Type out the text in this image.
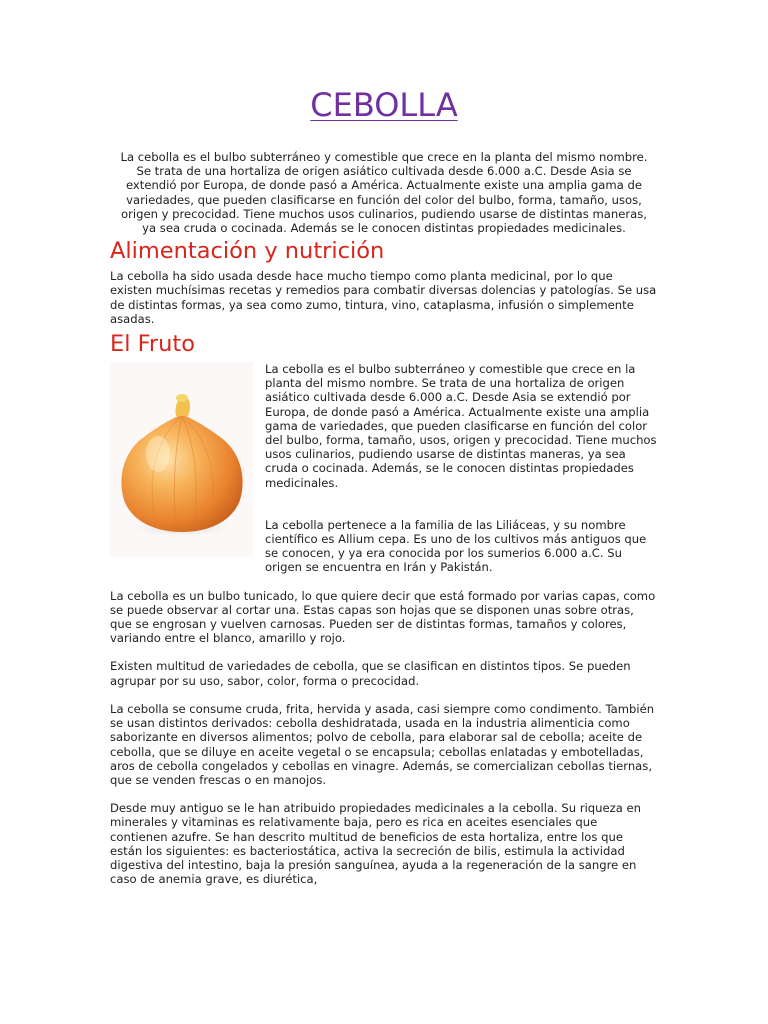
CEBOLLA

La cebolla es el bulbo subterráneo y comestible que crece en la planta del mismo nombre. Se trata de una hortaliza de origen asiático cultivada desde 6.000 a.C. Desde Asia se extendió por Europa, de donde pasó a América. Actualmente existe una amplia gama de variedades, que pueden clasificarse en función del color del bulbo, forma, tamaño, usos, origen y precocidad. Tiene muchos usos culinarios, pudiendo usarse de distintas maneras, ya sea cruda o cocinada. Además se le conocen distintas propiedades medicinales.

Alimentación y nutrición

La cebolla ha sido usada desde hace mucho tiempo como planta medicinal, por lo que existen muchísimas recetas y remedios para combatir diversas dolencias y patologías. Se usa de distintas formas, ya sea como zumo, tintura, vino, cataplasma, infusión o simplemente asadas.

El Fruto

La cebolla es el bulbo subterráneo y comestible que crece en la planta del mismo nombre. Se trata de una hortaliza de origen asiático cultivada desde 6.000 a.C. Desde Asia se extendió por Europa, de donde pasó a América. Actualmente existe una amplia gama de variedades, que pueden clasificarse en función del color del bulbo, forma, tamaño, usos, origen y precocidad. Tiene muchos usos culinarios, pudiendo usarse de distintas maneras, ya sea cruda o cocinada. Además, se le conocen distintas propiedades medicinales.

La cebolla pertenece a la familia de las Liliáceas, y su nombre científico es Allium cepa. Es uno de los cultivos más antiguos que se conocen, y ya era conocida por los sumerios 6.000 a.C. Su origen se encuentra en Irán y Pakistán.

La cebolla es un bulbo tunicado, lo que quiere decir que está formado por varias capas, como se puede observar al cortar una. Estas capas son hojas que se disponen unas sobre otras, que se engrosan y vuelven carnosas. Pueden ser de distintas formas, tamaños y colores, variando entre el blanco, amarillo y rojo.

Existen multitud de variedades de cebolla, que se clasifican en distintos tipos. Se pueden agrupar por su uso, sabor, color, forma o precocidad.

La cebolla se consume cruda, frita, hervida y asada, casi siempre como condimento. También se usan distintos derivados: cebolla deshidratada, usada en la industria alimenticia como saborizante en diversos alimentos; polvo de cebolla, para elaborar sal de cebolla; aceite de cebolla, que se diluye en aceite vegetal o se encapsula; cebollas enlatadas y embotelladas, aros de cebolla congelados y cebollas en vinagre. Además, se comercializan cebollas tiernas, que se venden frescas o en manojos.

Desde muy antiguo se le han atribuido propiedades medicinales a la cebolla. Su riqueza en minerales y vitaminas es relativamente baja, pero es rica en aceites esenciales que contienen azufre. Se han descrito multitud de beneficios de esta hortaliza, entre los que están los siguientes: es bacteriostática, activa la secreción de bilis, estimula la actividad digestiva del intestino, baja la presión sanguínea, ayuda a la regeneración de la sangre en caso de anemia grave, es diurética,
